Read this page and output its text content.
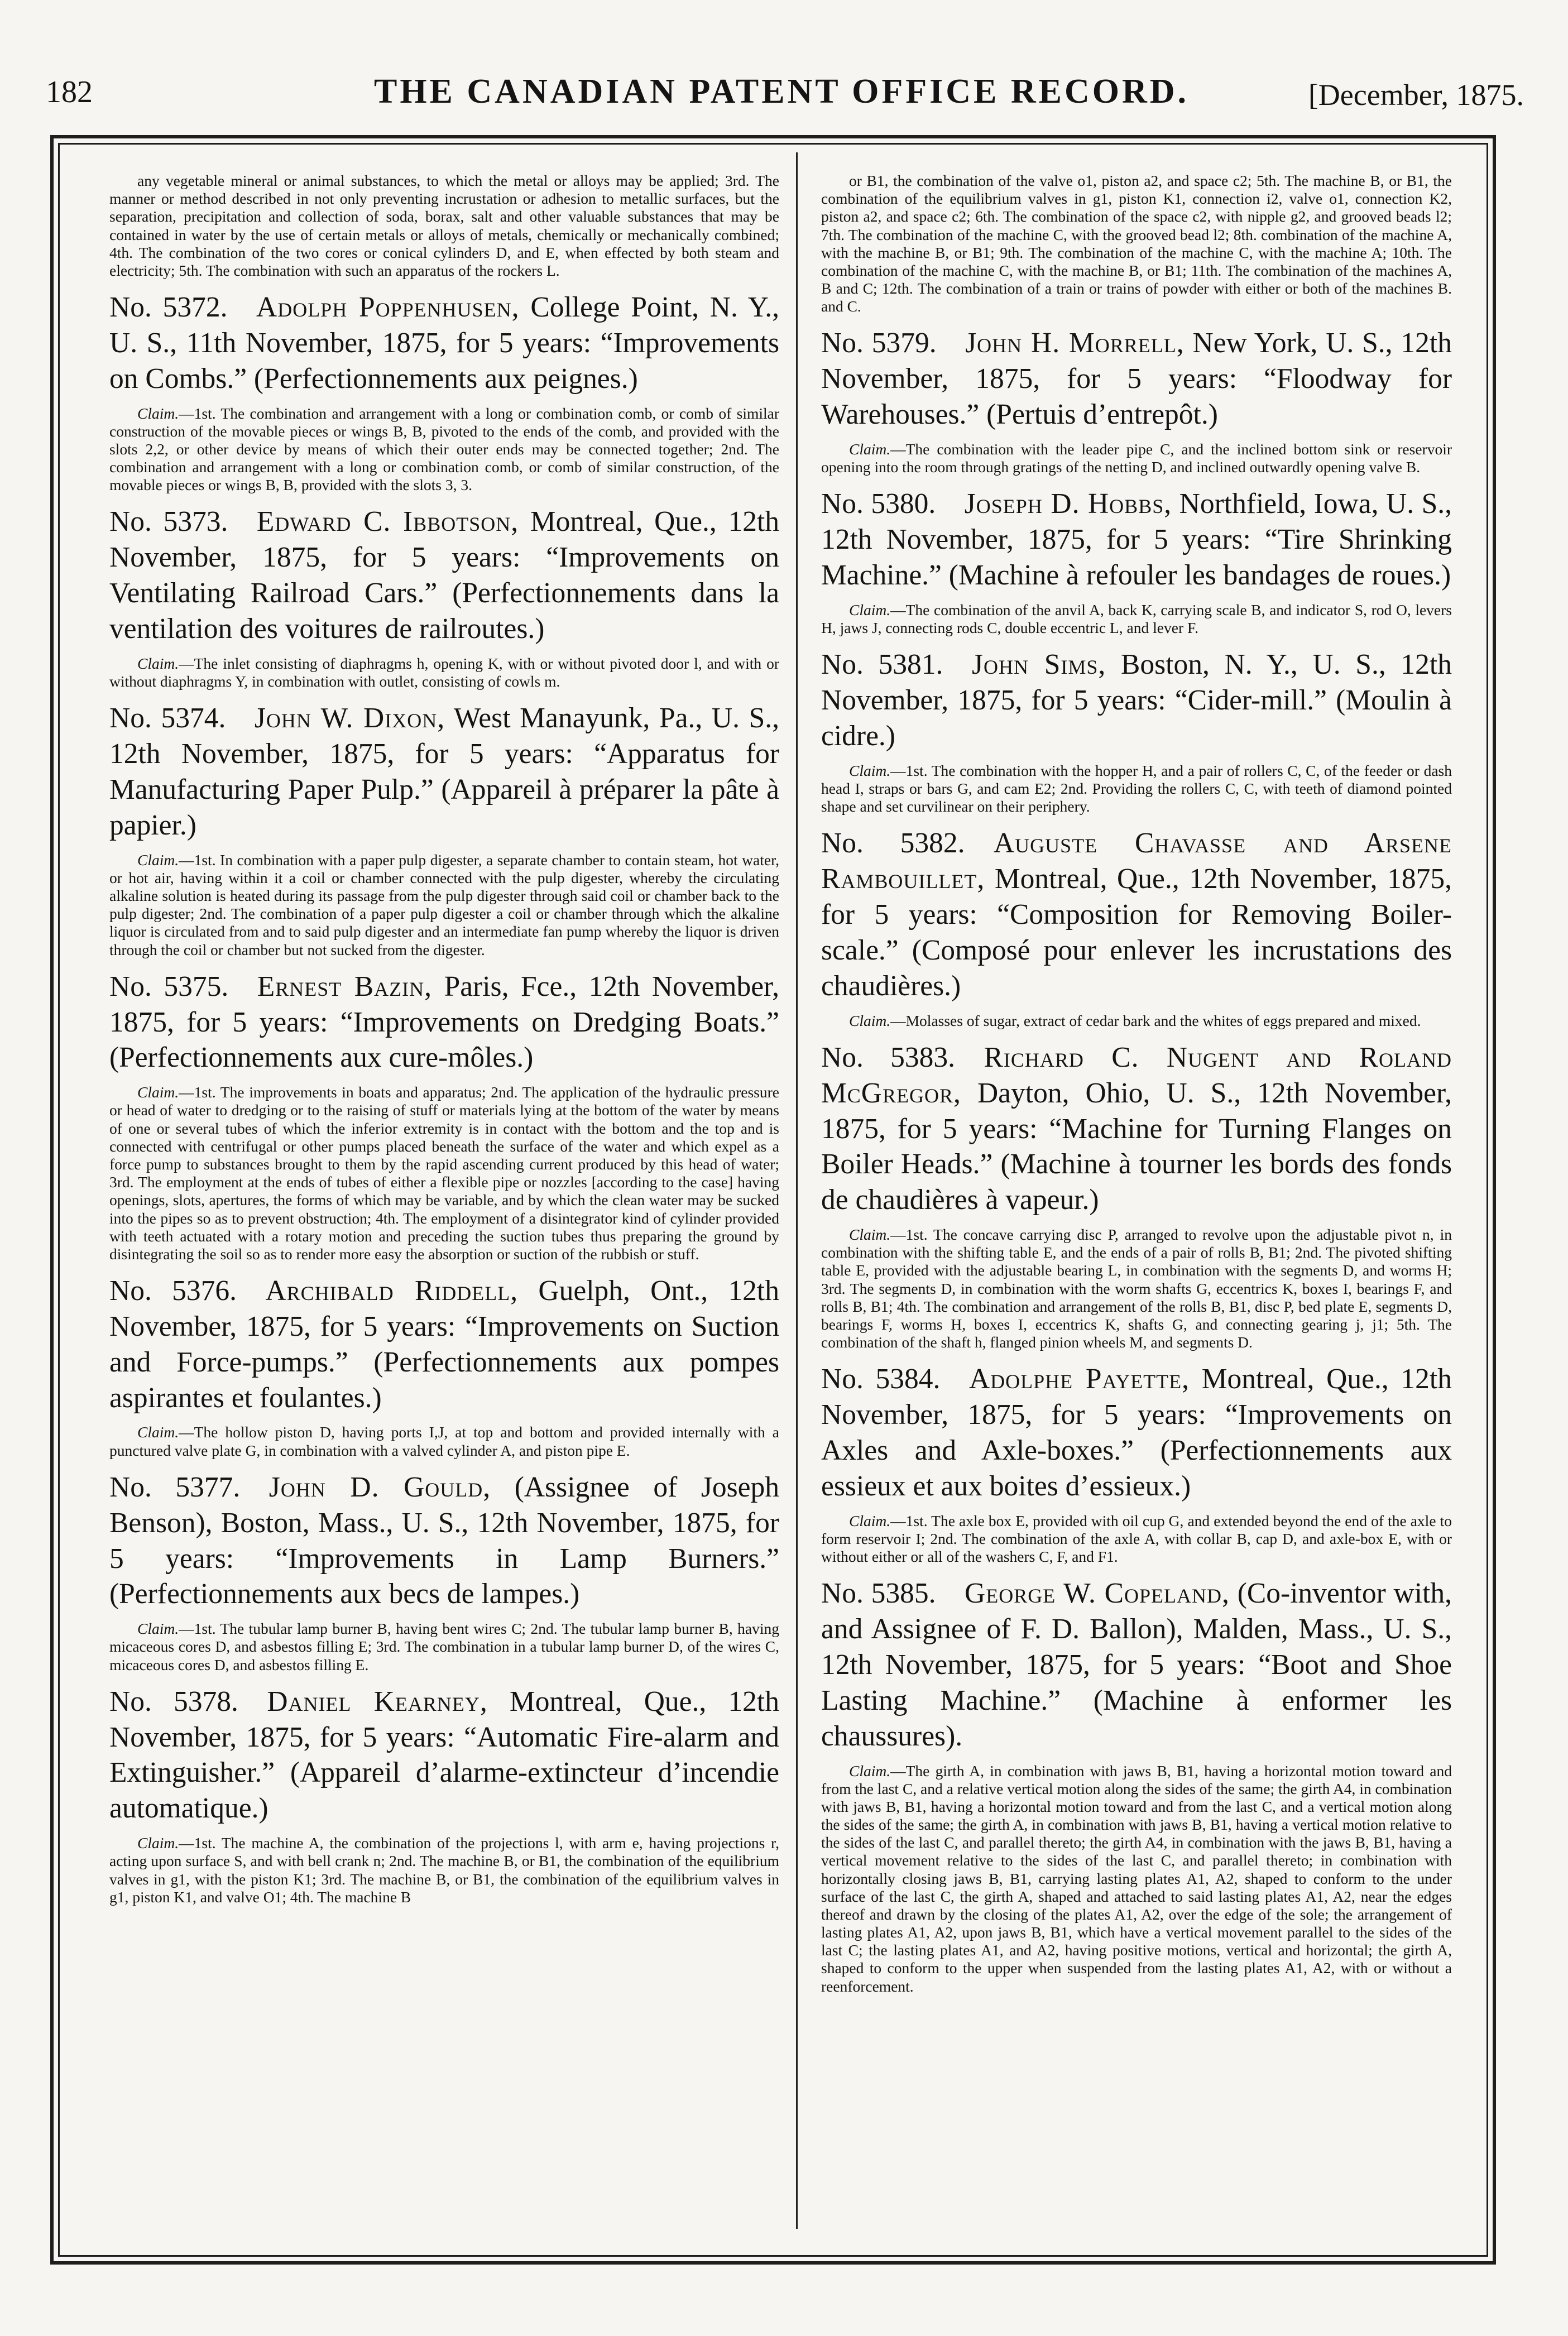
182	THE CANADIAN PATENT OFFICE RECORD.	[December, 1875.

any vegetable mineral or animal substances, to which the metal or alloys may be applied; 3rd. The manner or method described in not only preventing incrustation or adhesion to metallic surfaces, but the separation, precipitation and collection of soda, borax, salt and other valuable substances that may be contained in water by the use of certain metals or alloys of metals, chemically or mechanically combined; 4th. The combination of the two cores or conical cylinders D, and E, when effected by both steam and electricity; 5th. The combination with such an apparatus of the rockers L.

No. 5372.   Adolph Poppenhusen, College Point, N. Y., U. S., 11th November, 1875, for 5 years: “Improvements on Combs.” (Perfectionnements aux peignes.)

Claim.—1st. The combination and arrangement with a long or combination comb, or comb of similar construction of the movable pieces or wings B, B, pivoted to the ends of the comb, and provided with the slots 2,2, or other device by means of which their outer ends may be connected together; 2nd. The combination and arrangement with a long or combination comb, or comb of similar construction, of the movable pieces or wings B, B, provided with the slots 3, 3.

No. 5373.   Edward C. Ibbotson, Montreal, Que., 12th November, 1875, for 5 years: “Improvements on Ventilating Railroad Cars.” (Perfectionnements dans la ventilation des voitures de railroutes.)

Claim.—The inlet consisting of diaphragms h, opening K, with or without pivoted door l, and with or without diaphragms Y, in combination with outlet, consisting of cowls m.

No. 5374.   John W. Dixon, West Manayunk, Pa., U. S., 12th November, 1875, for 5 years: “Apparatus for Manufacturing Paper Pulp.” (Appareil à préparer la pâte à papier.)

Claim.—1st. In combination with a paper pulp digester, a separate chamber to contain steam, hot water, or hot air, having within it a coil or chamber connected with the pulp digester, whereby the circulating alkaline solution is heated during its passage from the pulp digester through said coil or chamber back to the pulp digester; 2nd. The combination of a paper pulp digester a coil or chamber through which the alkaline liquor is circulated from and to said pulp digester and an intermediate fan pump whereby the liquor is driven through the coil or chamber but not sucked from the digester.

No. 5375.   Ernest Bazin, Paris, Fce., 12th November, 1875, for 5 years: “Improvements on Dredging Boats.” (Perfectionnements aux cure-môles.)

Claim.—1st. The improvements in boats and apparatus; 2nd. The application of the hydraulic pressure or head of water to dredging or to the raising of stuff or materials lying at the bottom of the water by means of one or several tubes of which the inferior extremity is in contact with the bottom and the top and is connected with centrifugal or other pumps placed beneath the surface of the water and which expel as a force pump to substances brought to them by the rapid ascending current produced by this head of water; 3rd. The employment at the ends of tubes of either a flexible pipe or nozzles [according to the case] having openings, slots, apertures, the forms of which may be variable, and by which the clean water may be sucked into the pipes so as to prevent obstruction; 4th. The employment of a disintegrator kind of cylinder provided with teeth actuated with a rotary motion and preceding the suction tubes thus preparing the ground by disintegrating the soil so as to render more easy the absorption or suction of the rubbish or stuff.

No. 5376.   Archibald Riddell, Guelph, Ont., 12th November, 1875, for 5 years: “Improvements on Suction and Force-pumps.” (Perfectionnements aux pompes aspirantes et foulantes.)

Claim.—The hollow piston D, having ports I,J, at top and bottom and provided internally with a punctured valve plate G, in combination with a valved cylinder A, and piston pipe E.

No. 5377.   John D. Gould, (Assignee of Joseph Benson), Boston, Mass., U. S., 12th November, 1875, for 5 years: “Improvements in Lamp Burners.” (Perfectionnements aux becs de lampes.)

Claim.—1st. The tubular lamp burner B, having bent wires C; 2nd. The tubular lamp burner B, having micaceous cores D, and asbestos filling E; 3rd. The combination in a tubular lamp burner D, of the wires C, micaceous cores D, and asbestos filling E.

No. 5378.   Daniel Kearney, Montreal, Que., 12th November, 1875, for 5 years: “Automatic Fire-alarm and Extinguisher.” (Appareil d’alarme-extincteur d’incendie automatique.)

Claim.—1st. The machine A, the combination of the projections l, with arm e, having projections r, acting upon surface S, and with bell crank n; 2nd. The machine B, or B1, the combination of the equilibrium valves in g1, with the piston K1; 3rd. The machine B, or B1, the combination of the equilibrium valves in g1, piston K1, and valve O1; 4th. The machine B

or B1, the combination of the valve o1, piston a2, and space c2; 5th. The machine B, or B1, the combination of the equilibrium valves in g1, piston K1, connection i2, valve o1, connection K2, piston a2, and space c2; 6th. The combination of the space c2, with nipple g2, and grooved beads l2; 7th. The combination of the machine C, with the grooved bead l2; 8th. combination of the machine A, with the machine B, or B1; 9th. The combination of the machine C, with the machine A; 10th. The combination of the machine C, with the machine B, or B1; 11th. The combination of the machines A, B and C; 12th. The combination of a train or trains of powder with either or both of the machines B. and C.

No. 5379.   John H. Morrell, New York, U. S., 12th November, 1875, for 5 years: “Floodway for Warehouses.” (Pertuis d’entrepôt.)

Claim.—The combination with the leader pipe C, and the inclined bottom sink or reservoir opening into the room through gratings of the netting D, and inclined outwardly opening valve B.

No. 5380.   Joseph D. Hobbs, Northfield, Iowa, U. S., 12th November, 1875, for 5 years: “Tire Shrinking Machine.” (Machine à refouler les bandages de roues.)

Claim.—The combination of the anvil A, back K, carrying scale B, and indicator S, rod O, levers H, jaws J, connecting rods C, double eccentric L, and lever F.

No. 5381.   John Sims, Boston, N. Y., U. S., 12th November, 1875, for 5 years: “Cider-mill.” (Moulin à cidre.)

Claim.—1st. The combination with the hopper H, and a pair of rollers C, C, of the feeder or dash head I, straps or bars G, and cam E2; 2nd. Providing the rollers C, C, with teeth of diamond pointed shape and set curvilinear on their periphery.

No. 5382.   Auguste Chavasse and Arsene Rambouillet, Montreal, Que., 12th November, 1875, for 5 years: “Composition for Removing Boiler-scale.” (Composé pour enlever les incrustations des chaudières.)

Claim.—Molasses of sugar, extract of cedar bark and the whites of eggs prepared and mixed.

No. 5383.   Richard C. Nugent and Roland McGregor, Dayton, Ohio, U. S., 12th November, 1875, for 5 years: “Machine for Turning Flanges on Boiler Heads.” (Machine à tourner les bords des fonds de chaudières à vapeur.)

Claim.—1st. The concave carrying disc P, arranged to revolve upon the adjustable pivot n, in combination with the shifting table E, and the ends of a pair of rolls B, B1; 2nd. The pivoted shifting table E, provided with the adjustable bearing L, in combination with the segments D, and worms H; 3rd. The segments D, in combination with the worm shafts G, eccentrics K, boxes I, bearings F, and rolls B, B1; 4th. The combination and arrangement of the rolls B, B1, disc P, bed plate E, segments D, bearings F, worms H, boxes I, eccentrics K, shafts G, and connecting gearing j, j1; 5th. The combination of the shaft h, flanged pinion wheels M, and segments D.

No. 5384.   Adolphe Payette, Montreal, Que., 12th November, 1875, for 5 years: “Improvements on Axles and Axle-boxes.” (Perfectionnements aux essieux et aux boites d’essieux.)

Claim.—1st. The axle box E, provided with oil cup G, and extended beyond the end of the axle to form reservoir I; 2nd. The combination of the axle A, with collar B, cap D, and axle-box E, with or without either or all of the washers C, F, and F1.

No. 5385.   George W. Copeland, (Co-inventor with, and Assignee of F. D. Ballon), Malden, Mass., U. S., 12th November, 1875, for 5 years: “Boot and Shoe Lasting Machine.” (Machine à enformer les chaussures).

Claim.—The girth A, in combination with jaws B, B1, having a horizontal motion toward and from the last C, and a relative vertical motion along the sides of the same; the girth A4, in combination with jaws B, B1, having a horizontal motion toward and from the last C, and a vertical motion along the sides of the same; the girth A, in combination with jaws B, B1, having a vertical motion relative to the sides of the last C, and parallel thereto; the girth A4, in combination with the jaws B, B1, having a vertical movement relative to the sides of the last C, and parallel thereto; in combination with horizontally closing jaws B, B1, carrying lasting plates A1, A2, shaped to conform to the under surface of the last C, the girth A, shaped and attached to said lasting plates A1, A2, near the edges thereof and drawn by the closing of the plates A1, A2, over the edge of the sole; the arrangement of lasting plates A1, A2, upon jaws B, B1, which have a vertical movement parallel to the sides of the last C; the lasting plates A1, and A2, having positive motions, vertical and horizontal; the girth A, shaped to conform to the upper when suspended from the lasting plates A1, A2, with or without a reenforcement.
